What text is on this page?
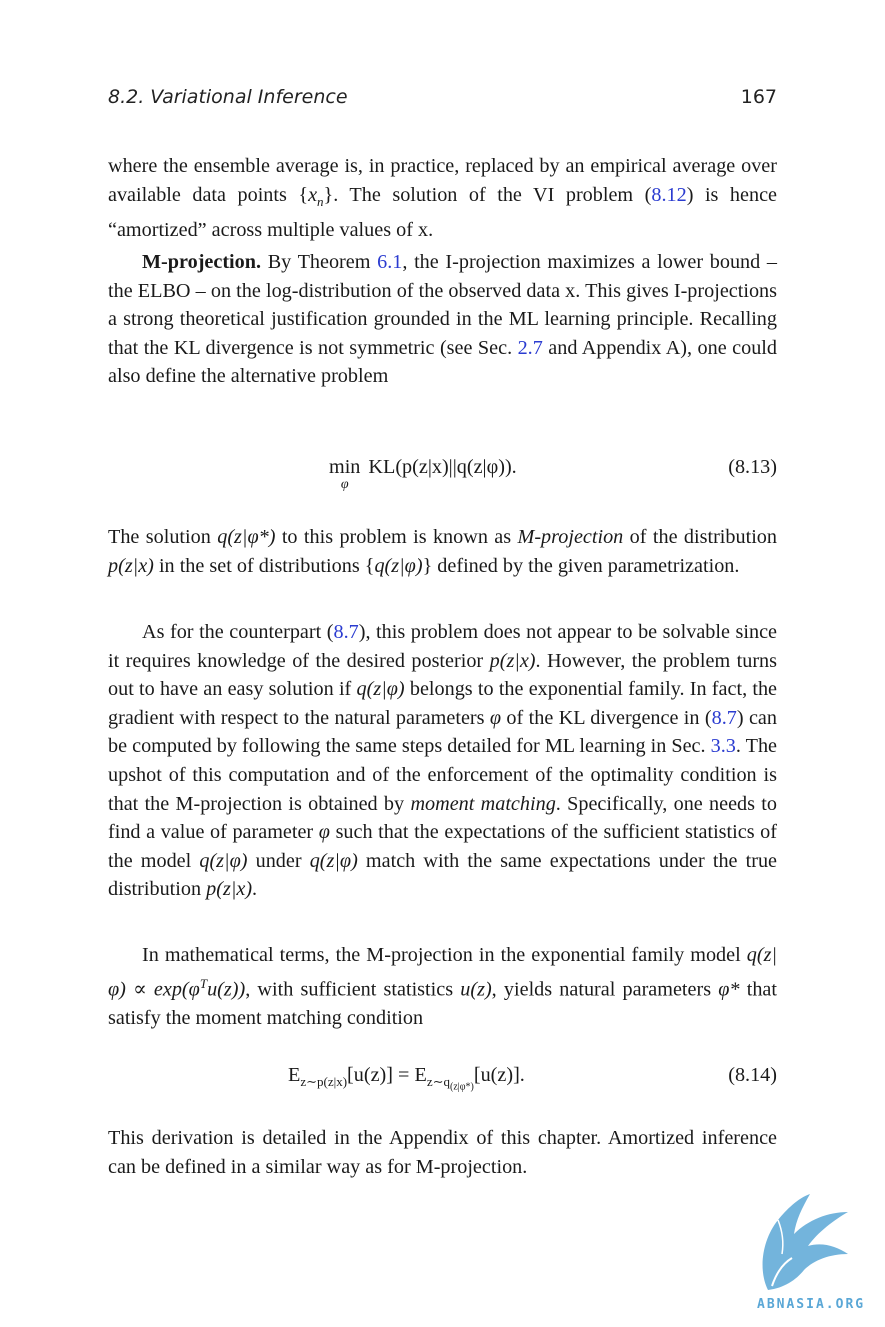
8.2. Variational Inference	167

where the ensemble average is, in practice, replaced by an empirical average over available data points $\{x_n\}$. The solution of the VI problem (8.12) is hence “amortized” across multiple values of x.

M-projection. By Theorem 6.1, the I-projection maximizes a lower bound – the ELBO – on the log-distribution of the observed data x. This gives I-projections a strong theoretical justification grounded in the ML learning principle. Recalling that the KL divergence is not symmetric (see Sec. 2.7 and Appendix A), one could also define the alternative problem

min
φ
KL(p(z|x)||q(z|φ)).	(8.13)

The solution q(z|φ*) to this problem is known as M-projection of the distribution p(z|x) in the set of distributions {q(z|φ)} defined by the given parametrization.

As for the counterpart (8.7), this problem does not appear to be solvable since it requires knowledge of the desired posterior p(z|x). However, the problem turns out to have an easy solution if q(z|φ) belongs to the exponential family. In fact, the gradient with respect to the natural parameters φ of the KL divergence in (8.7) can be computed by following the same steps detailed for ML learning in Sec. 3.3. The upshot of this computation and of the enforcement of the optimality condition is that the M-projection is obtained by moment matching. Specifically, one needs to find a value of parameter φ such that the expectations of the sufficient statistics of the model q(z|φ) under q(z|φ) match with the same expectations under the true distribution p(z|x).

In mathematical terms, the M-projection in the exponential family model $q(z|\varphi) \propto \exp(\varphi^Tu(z))$, with sufficient statistics u(z), yields natural parameters φ* that satisfy the moment matching condition

$E_{z\sim p(z|x)}[u(z)] = E_{z\sim q_{(z|\varphi*)}}[u(z)]$.	(8.14)

This derivation is detailed in the Appendix of this chapter. Amortized inference can be defined in a similar way as for M-projection.

ABNASIA.ORG
